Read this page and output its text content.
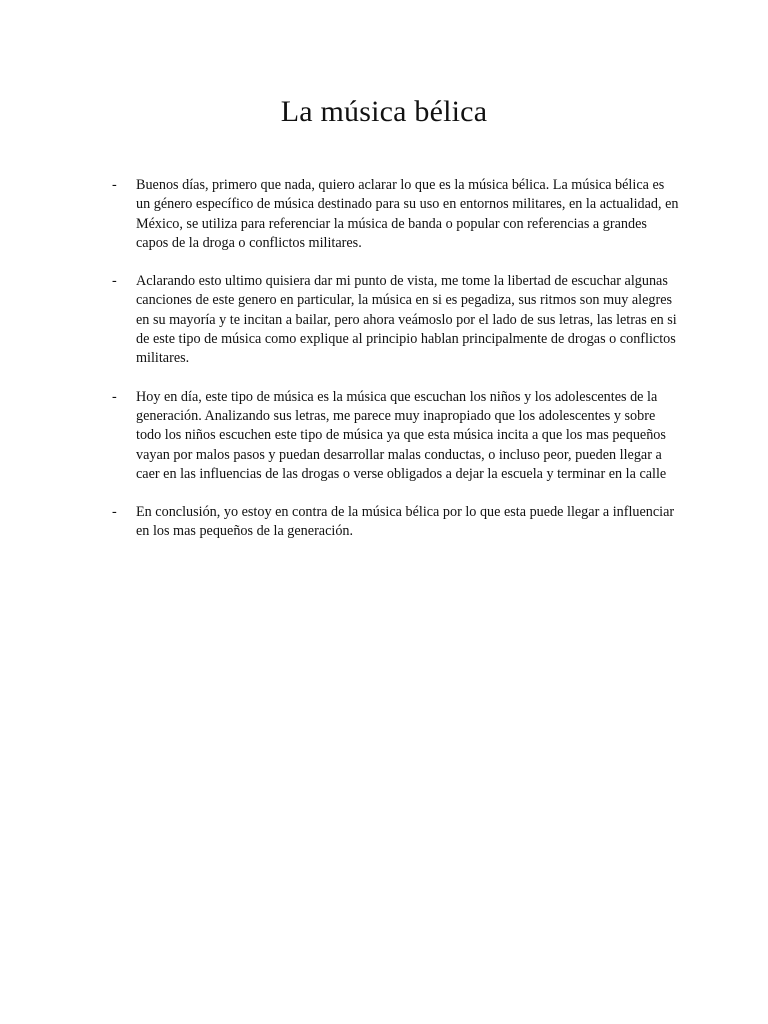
La música bélica
-	Buenos días, primero que nada, quiero aclarar lo que es la música bélica. La música bélica es un género específico de música destinado para su uso en entornos militares, en la actualidad, en México, se utiliza para referenciar la música de banda o popular con referencias a grandes capos de la droga o conflictos militares.
-	Aclarando esto ultimo quisiera dar mi punto de vista, me tome la libertad de escuchar algunas canciones de este genero en particular, la música en si es pegadiza, sus ritmos son muy alegres en su mayoría y te incitan a bailar, pero ahora veámoslo por el lado de sus letras, las letras en si de este tipo de música como explique al principio hablan principalmente de drogas o conflictos militares.
-	Hoy en día, este tipo de música es la música que escuchan los niños y los adolescentes de la generación. Analizando sus letras, me parece muy inapropiado que los adolescentes y sobre todo los niños escuchen este tipo de música ya que esta música incita a que los mas pequeños vayan por malos pasos y puedan desarrollar malas conductas, o incluso peor, pueden llegar a caer en las influencias de las drogas o verse obligados a dejar la escuela y terminar en la calle
-	En conclusión, yo estoy en contra de la música bélica por lo que esta puede llegar a influenciar en los mas pequeños de la generación.
